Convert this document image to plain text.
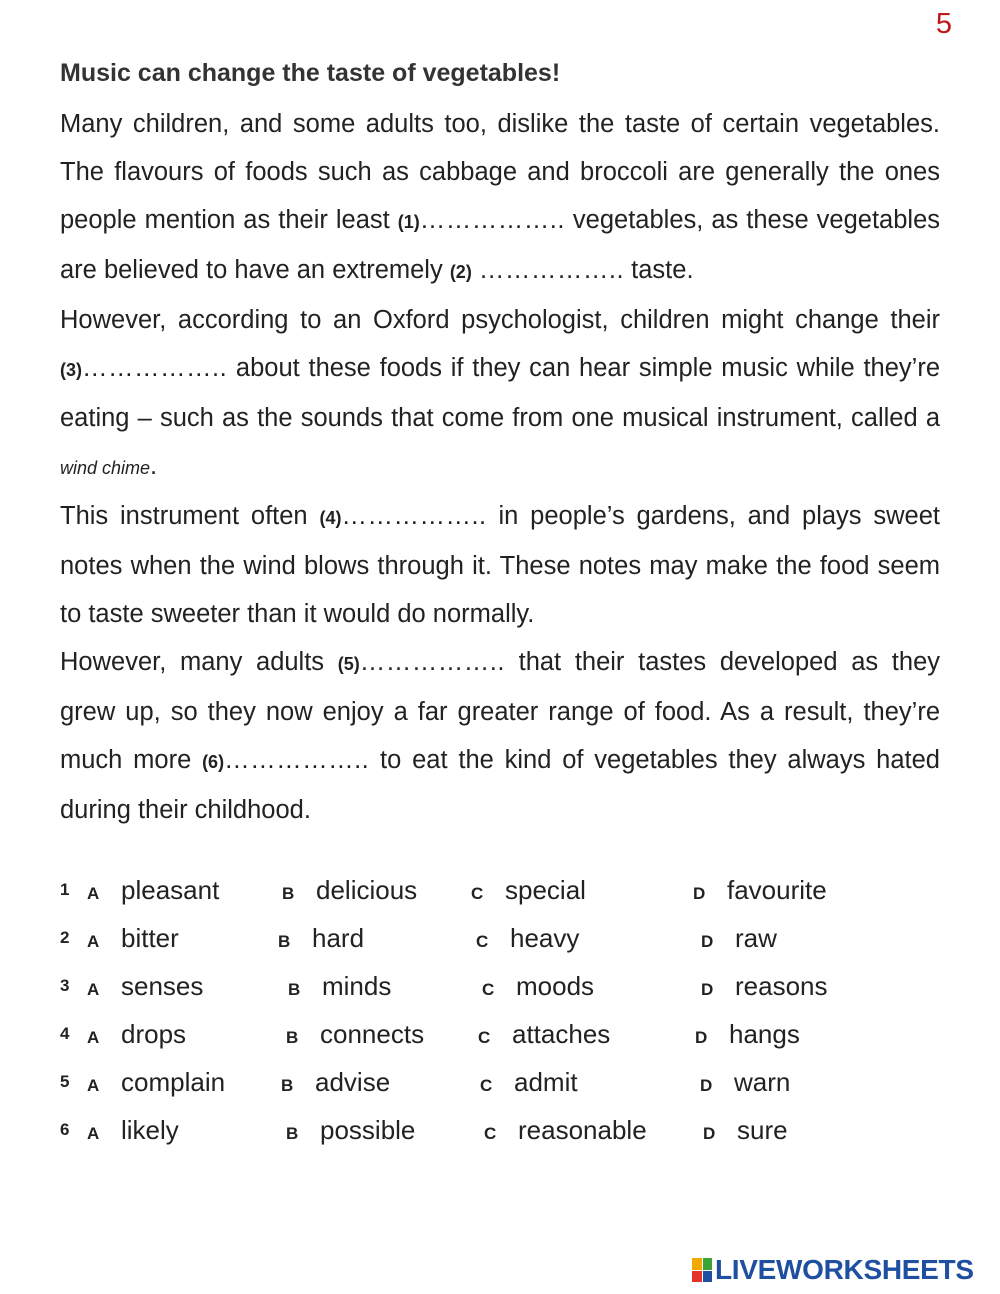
5
Music can change the taste of vegetables!

Many children, and some adults too, dislike the taste of certain vegetables. The flavours of foods such as cabbage and broccoli are generally the ones people mention as their least (1)…………….. vegetables, as these vegetables are believed to have an extremely (2) …………….. taste.

However, according to an Oxford psychologist, children might change their (3)…………….. about these foods if they can hear simple music while they’re eating – such as the sounds that come from one musical instrument, called a wind chime.

This instrument often (4)…………….. in people’s gardens, and plays sweet notes when the wind blows through it. These notes may make the food seem to taste sweeter than it would do normally.

However, many adults (5)…………….. that their tastes developed as they grew up, so they now enjoy a far greater range of food. As a result, they’re much more (6)…………….. to eat the kind of vegetables they always hated during their childhood.

1 A pleasant	B delicious	C special	D favourite
2 A bitter	B hard	C heavy	D raw
3 A senses	B minds	C moods	D reasons
4 A drops	B connects	C attaches	D hangs
5 A complain	B advise	C admit	D warn
6 A likely	B possible	C reasonable	D sure
LIVEWORKSHEETS
